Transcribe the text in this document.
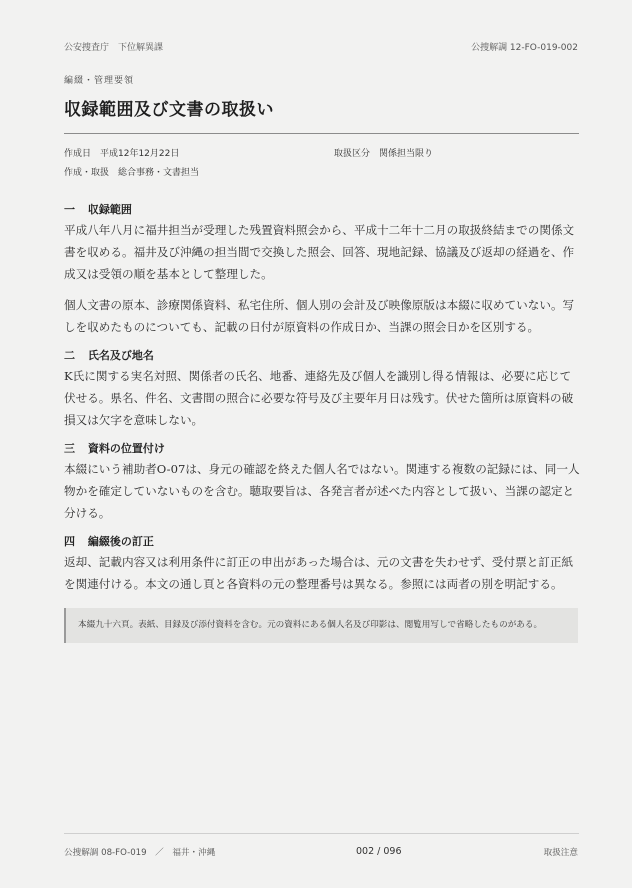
公安捜査庁　下位解異課	公捜解調 12-FO-019-002
編綴・管理要領
収録範囲及び文書の取扱い
作成日　平成12年12月22日	取扱区分　関係担当限り
作成・取扱　総合事務・文書担当
一 収録範囲

平成八年八月に福井担当が受理した残置資料照会から、平成十二年十二月の取扱終結までの関係文書を収める。福井及び沖縄の担当間で交換した照会、回答、現地記録、協議及び返却の経過を、作成又は受領の順を基本として整理した。

個人文書の原本、診療関係資料、私宅住所、個人別の会計及び映像原版は本綴に収めていない。写しを収めたものについても、記載の日付が原資料の作成日か、当課の照会日かを区別する。

二 氏名及び地名

K氏に関する実名対照、関係者の氏名、地番、連絡先及び個人を識別し得る情報は、必要に応じて伏せる。県名、件名、文書間の照合に必要な符号及び主要年月日は残す。伏せた箇所は原資料の破損又は欠字を意味しない。

三 資料の位置付け

本綴にいう補助者O-07は、身元の確認を終えた個人名ではない。関連する複数の記録には、同一人物かを確定していないものを含む。聴取要旨は、各発言者が述べた内容として扱い、当課の認定と分ける。

四 編綴後の訂正

返却、記載内容又は利用条件に訂正の申出があった場合は、元の文書を失わせず、受付票と訂正紙を関連付ける。本文の通し頁と各資料の元の整理番号は異なる。参照には両者の別を明記する。

本綴九十六頁。表紙、目録及び添付資料を含む。元の資料にある個人名及び印影は、閲覧用写しで省略したものがある。
公捜解調 08-FO-019　／　福井・沖縄	002 / 096	取扱注意
